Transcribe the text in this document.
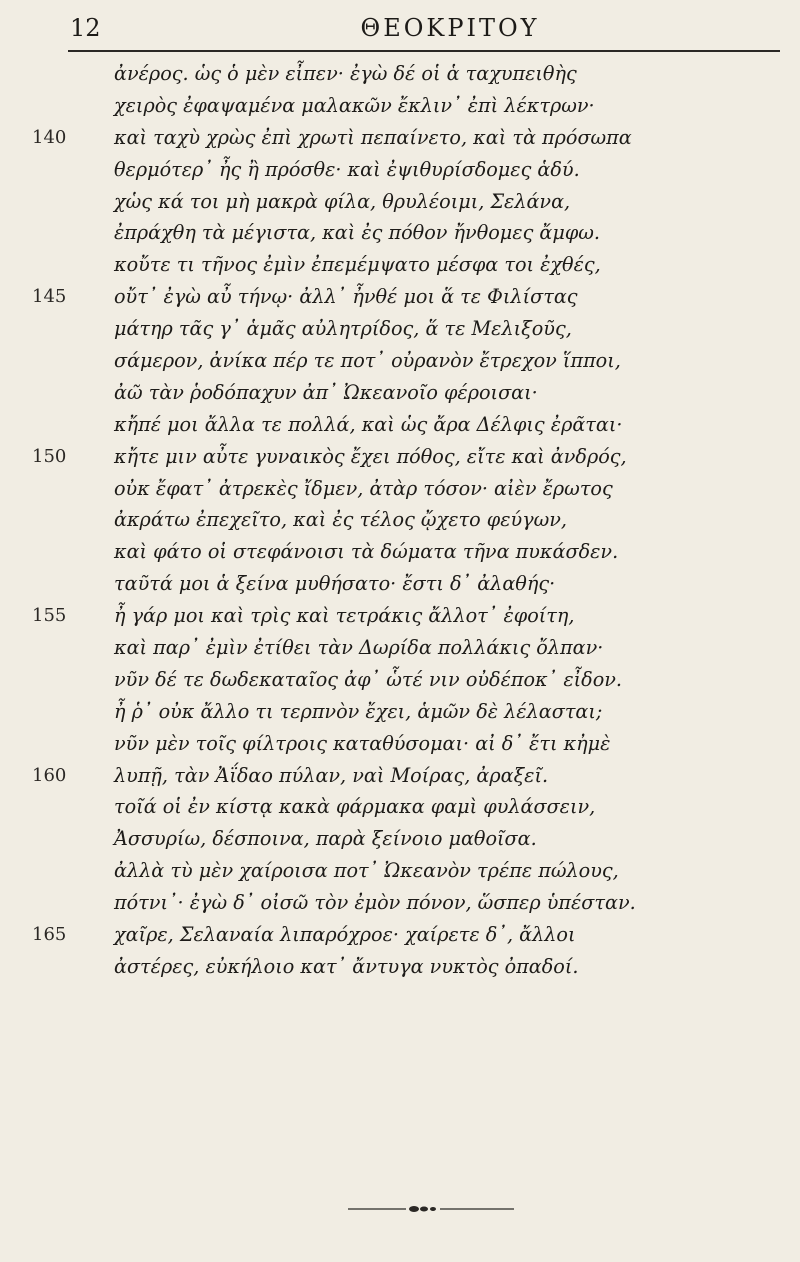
12	ΘΕΟΚΡΙΤΟΥ
ἀνέρος. ὡς ὁ μὲν εἶπεν· ἐγὼ δέ οἱ ἁ ταχυπειθὴς
χειρὸς ἐφαψαμένα μαλακῶν ἔκλιν᾿ ἐπὶ λέκτρων·
140 καὶ ταχὺ χρὼς ἐπὶ χρωτὶ πεπαίνετο, καὶ τὰ πρόσωπα
θερμότερ᾿ ἦς ἢ πρόσθε· καὶ ἐψιθυρίσδομες ἁδύ.
χὡς κά τοι μὴ μακρὰ φίλα, θρυλέοιμι, Σελάνα,
ἐπράχθη τὰ μέγιστα, καὶ ἐς πόθον ἤνθομες ἄμφω.
κοὔτε τι τῆνος ἐμὶν ἐπεμέμψατο μέσφα τοι ἐχθές,
145 οὔτ᾿ ἐγὼ αὖ τήνῳ· ἀλλ᾿ ἦνθέ μοι ἅ τε Φιλίστας
μάτηρ τᾶς γ᾿ ἁμᾶς αὐλητρίδος, ἅ τε Μελιξοῦς,
σάμερον, ἀνίκα πέρ τε ποτ᾿ οὐρανὸν ἔτρεχον ἵπποι,
ἀῶ τὰν ῥοδόπαχυν ἀπ᾿ Ὠκεανοῖο φέροισαι·
κἤπέ μοι ἄλλα τε πολλά, καὶ ὡς ἄρα Δέλφις ἐρᾶται·
150 κἤτε μιν αὖτε γυναικὸς ἔχει πόθος, εἴτε καὶ ἀνδρός,
οὐκ ἔφατ᾿ ἀτρεκὲς ἴδμεν, ἀτὰρ τόσον· αἰὲν ἔρωτος
ἀκράτω ἐπεχεῖτο, καὶ ἐς τέλος ᾤχετο φεύγων,
καὶ φάτο οἱ στεφάνοισι τὰ δώματα τῆνα πυκάσδεν.
ταῦτά μοι ἁ ξείνα μυθήσατο· ἔστι δ᾿ ἀλαθής·
155 ἦ γάρ μοι καὶ τρὶς καὶ τετράκις ἄλλοτ᾿ ἐφοίτη,
καὶ παρ᾿ ἐμὶν ἐτίθει τὰν Δωρίδα πολλάκις ὄλπαν·
νῦν δέ τε δωδεκαταῖος ἀφ᾿ ὧτέ νιν οὐδέποκ᾿ εἶδον.
ἦ ῥ᾿ οὐκ ἄλλο τι τερπνὸν ἔχει, ἁμῶν δὲ λέλασται;
νῦν μὲν τοῖς φίλτροις καταθύσομαι· αἰ δ᾿ ἔτι κἠμὲ
160 λυπῇ, τὰν Ἀΐδαο πύλαν, ναὶ Μοίρας, ἀραξεῖ.
τοῖά οἱ ἐν κίστᾳ κακὰ φάρμακα φαμὶ φυλάσσειν,
Ἀσσυρίω, δέσποινα, παρὰ ξείνοιο μαθοῖσα.
ἀλλὰ τὺ μὲν χαίροισα ποτ᾿ Ὠκεανὸν τρέπε πώλους,
πότνι᾿· ἐγὼ δ᾿ οἰσῶ τὸν ἐμὸν πόνον, ὥσπερ ὑπέσταν.
165 χαῖρε, Σελαναία λιπαρόχροε· χαίρετε δ᾿, ἄλλοι
ἀστέρες, εὐκήλοιο κατ᾿ ἄντυγα νυκτὸς ὀπαδοί.
